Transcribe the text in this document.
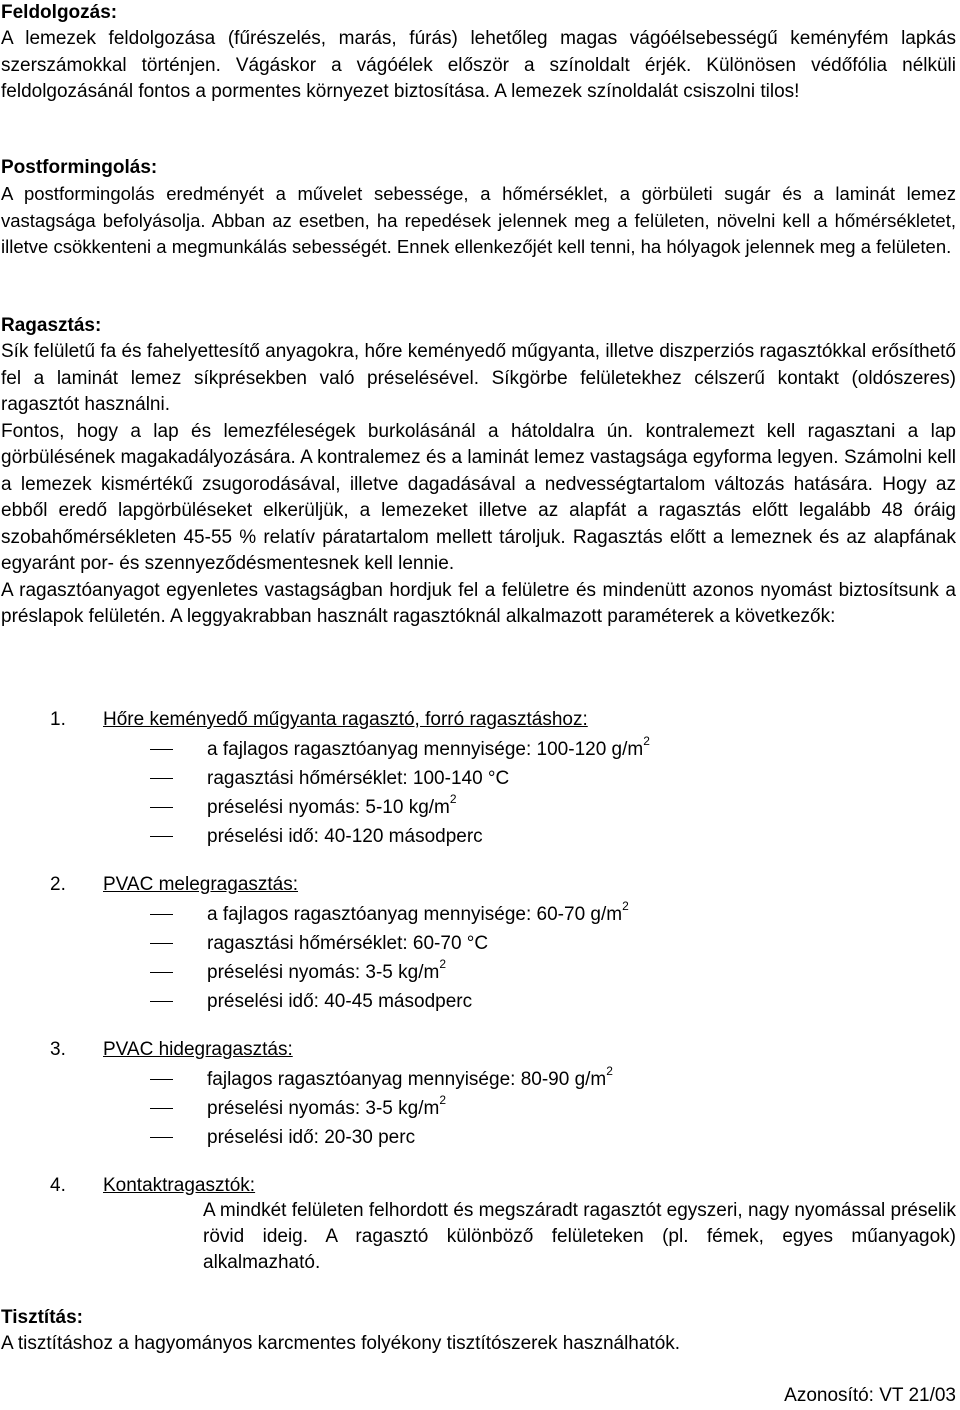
Feldolgozás:

A lemezek feldolgozása (fűrészelés, marás, fúrás) lehetőleg magas vágóélsebességű keményfém lapkás szerszámokkal történjen. Vágáskor a vágóélek először a színoldalt érjék. Különösen védőfólia nélküli feldolgozásánál fontos a pormentes környezet biztosítása. A lemezek színoldalát csiszolni tilos!

Postformingolás:

A postformingolás eredményét a művelet sebessége, a hőmérséklet, a görbületi sugár és a laminát lemez vastagsága befolyásolja. Abban az esetben, ha repedések jelennek meg a felületen, növelni kell a hőmérsékletet, illetve csökkenteni a megmunkálás sebességét. Ennek ellenkezőjét kell tenni, ha hólyagok jelennek meg a felületen.

Ragasztás:

Sík felületű fa és fahelyettesítő anyagokra, hőre keményedő műgyanta, illetve diszperziós ragasztókkal erősíthető fel a laminát lemez síkprésekben való préselésével. Síkgörbe felületekhez célszerű kontakt (oldószeres) ragasztót használni.

Fontos, hogy a lap és lemezféleségek burkolásánál a hátoldalra ún. kontralemezt kell ragasztani a lap görbülésének magakadályozására. A kontralemez és a laminát lemez vastagsága egyforma legyen. Számolni kell a lemezek kismértékű zsugorodásával, illetve dagadásával a nedvességtartalom változás hatására. Hogy az ebből eredő lapgörbüléseket elkerüljük, a lemezeket illetve az alapfát a ragasztás előtt legalább 48 óráig szobahőmérsékleten 45-55 % relatív páratartalom mellett tároljuk. Ragasztás előtt a lemeznek és az alapfának egyaránt por- és szennyeződésmentesnek kell lennie.

A ragasztóanyagot egyenletes vastagságban hordjuk fel a felületre és mindenütt azonos nyomást biztosítsunk a préslapok felületén. A leggyakrabban használt ragasztóknál alkalmazott paraméterek a következők:

1. Hőre keményedő műgyanta ragasztó, forró ragasztáshoz:
a fajlagos ragasztóanyag mennyisége: 100-120 $g/m^2$
ragasztási hőmérséklet: 100-140 °C
préselési nyomás: 5-10 $kg/m^2$
préselési idő: 40-120 másodperc
2. PVAC melegragasztás:
a fajlagos ragasztóanyag mennyisége: 60-70 $g/m^2$
ragasztási hőmérséklet: 60-70 °C
préselési nyomás: 3-5 $kg/m^2$
préselési idő: 40-45 másodperc
3. PVAC hidegragasztás:
fajlagos ragasztóanyag mennyisége: 80-90 $g/m^2$
préselési nyomás: 3-5 $kg/m^2$
préselési idő: 20-30 perc
4. Kontaktragasztók:
A mindkét felületen felhordott és megszáradt ragasztót egyszeri, nagy nyomással préselik rövid ideig. A ragasztó különböző felületeken (pl. fémek, egyes műanyagok) alkalmazható.

Tisztítás:

A tisztításhoz a hagyományos karcmentes folyékony tisztítószerek használhatók.

Azonosító: VT 21/03
